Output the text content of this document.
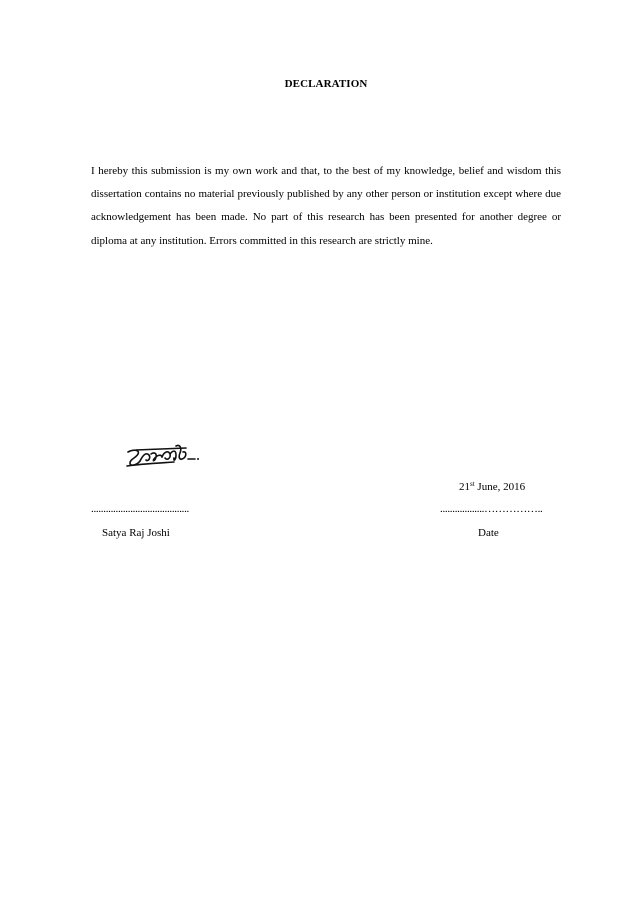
DECLARATION

I hereby this submission is my own work and that, to the best of my knowledge, belief and wisdom this dissertation contains no material previously published by any other person or institution except where due acknowledgement has been made. No part of this research has been presented for another degree or diploma at any institution. Errors committed in this research are strictly mine.

21st June, 2016
........................................	..................……………..
Satya Raj Joshi	Date
